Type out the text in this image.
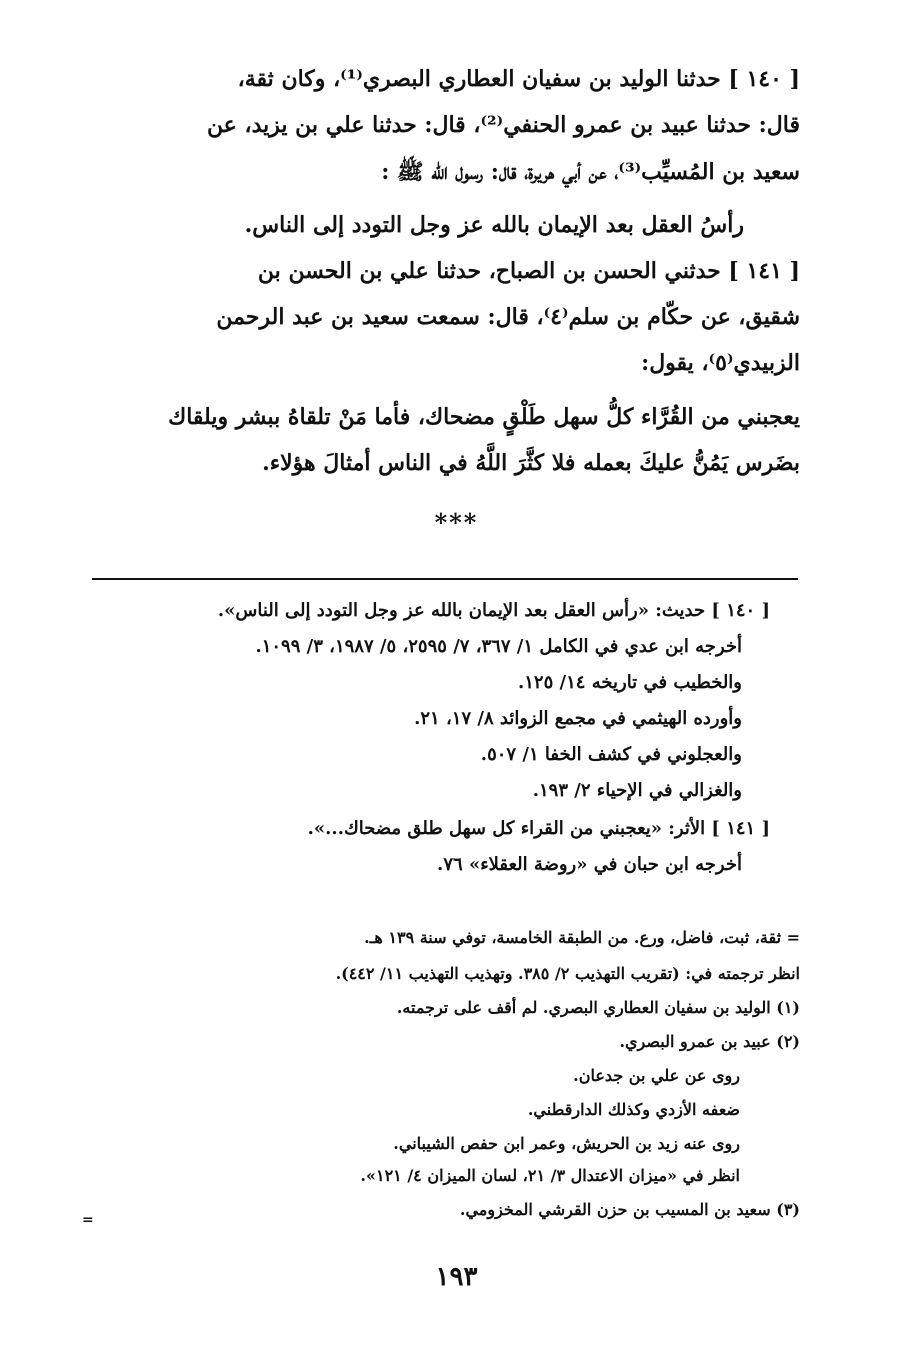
[ ١٤٠ ] حدثنا الوليد بن سفيان العطاري البصري⁽¹⁾، وكان ثقة،
قال: حدثنا عبيد بن عمرو الحنفي⁽²⁾، قال: حدثنا علي بن يزيد، عن
سعيد بن المُسيِّب⁽³⁾، عن أبي هريرة، قال: رسول الله ﷺ :
رأسُ العقل بعد الإيمان بالله عز وجل التودد إلى الناس.
[ ١٤١ ] حدثني الحسن بن الصباح، حدثنا علي بن الحسن بن
شقيق، عن حكّام بن سلم⁽٤⁾، قال: سمعت سعيد بن عبد الرحمن
الزبيدي⁽٥⁾، يقول:
يعجبني من القُرَّاء كلُّ سهل طَلْقٍ مضحاك، فأما مَنْ تلقاهُ ببشر ويلقاك
بضَرس يَمُنُّ عليكَ بعمله فلا كثَّرَ اللَّهُ في الناس أمثالَ هؤلاء.
***
[ ١٤٠ ] حديث: «رأس العقل بعد الإيمان بالله عز وجل التودد إلى الناس».
أخرجه ابن عدي في الكامل ١/ ٣٦٧، ٧/ ٢٥٩٥، ٥/ ١٩٨٧، ٣/ ١٠٩٩.
والخطيب في تاريخه ١٤/ ١٢٥.
وأورده الهيثمي في مجمع الزوائد ٨/ ١٧، ٢١.
والعجلوني في كشف الخفا ١/ ٥٠٧.
والغزالي في الإحياء ٢/ ١٩٣.
[ ١٤١ ] الأثر: «يعجبني من القراء كل سهل طلق مضحاك...».
أخرجه ابن حبان في «روضة العقلاء» ٧٦.
= ثقة، ثبت، فاضل، ورع. من الطبقة الخامسة، توفي سنة ١٣٩ هـ.
انظر ترجمته في: (تقريب التهذيب ٢/ ٣٨٥. وتهذيب التهذيب ١١/ ٤٤٢).
(١) الوليد بن سفيان العطاري البصري. لم أقف على ترجمته.
(٢) عبيد بن عمرو البصري.
روى عن علي بن جدعان.
ضعفه الأزدي وكذلك الدارقطني.
روى عنه زيد بن الحريش، وعمر ابن حفص الشيباني.
انظر في «ميزان الاعتدال ٣/ ٢١، لسان الميزان ٤/ ١٢١».
(٣) سعيد بن المسيب بن حزن القرشي المخزومي.
=
١٩٣
